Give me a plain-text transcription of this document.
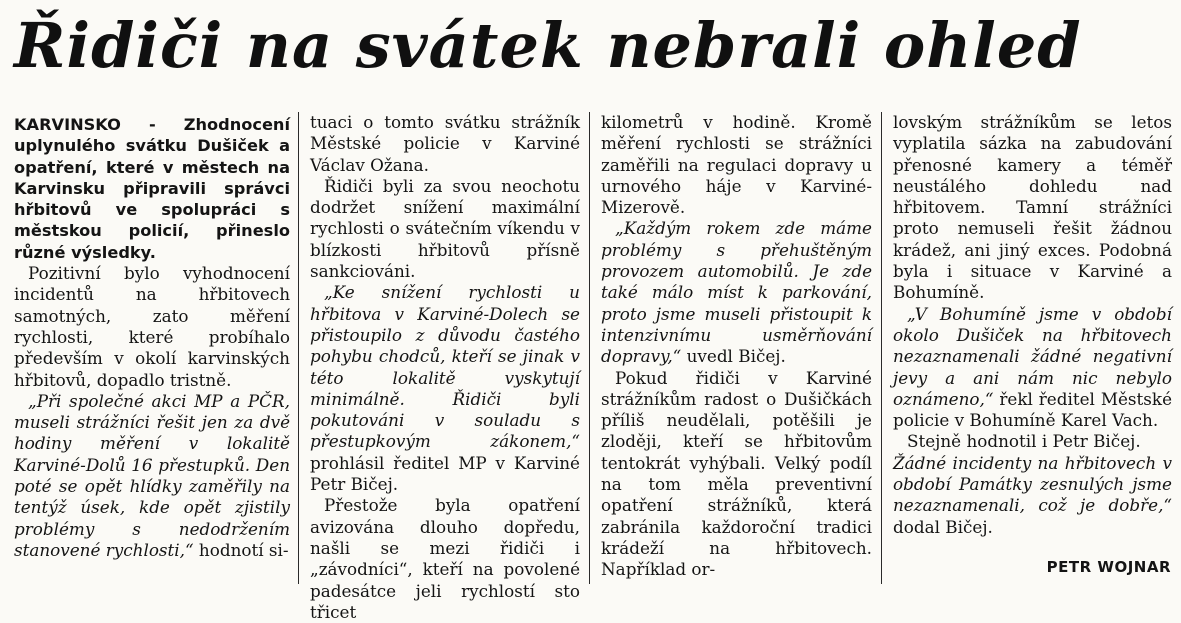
Řidiči na svátek nebrali ohled

KARVINSKO - Zhodnocení uplynulého svátku Dušiček a opatření, které v městech na Karvinsku připravili správci hřbitovů ve spolupráci s městskou policií, přineslo různé výsledky.

Pozitivní bylo vyhodnocení incidentů na hřbitovech samotných, zato měření rychlosti, které probíhalo především v okolí karvinských hřbitovů, dopadlo tristně.

„Při společné akci MP a PČR, museli strážníci řešit jen za dvě hodiny měření v lokalitě Karviné-Dolů 16 přestupků. Den poté se opět hlídky zaměřily na tentýž úsek, kde opět zjistily problémy s nedodržením stanovené rychlosti,“ hodnotí si-

tuaci o tomto svátku strážník Městské policie v Karviné Václav Ožana.

Řidiči byli za svou neochotu dodržet snížení maximální rychlosti o svátečním víkendu v blízkosti hřbitovů přísně sankciováni.

„Ke snížení rychlosti u hřbitova v Karviné-Dolech se přistoupilo z důvodu častého pohybu chodců, kteří se jinak v této lokalitě vyskytují minimálně. Řidiči byli pokutováni v souladu s přestupkovým zákonem,“ prohlásil ředitel MP v Karviné Petr Bičej.

Přestože byla opatření avizována dlouho dopředu, našli se mezi řidiči i „závodníci“, kteří na povolené padesátce jeli rychlostí sto třicet

kilometrů v hodině. Kromě měření rychlosti se strážníci zaměřili na regulaci dopravy u urnového háje v Karviné-Mizerově.

„Každým rokem zde máme problémy s přehuštěným provozem automobilů. Je zde také málo míst k parkování, proto jsme museli přistoupit k intenzivnímu usměrňování dopravy,“ uvedl Bičej.

Pokud řidiči v Karviné strážníkům radost o Dušičkách příliš neudělali, potěšili je zloději, kteří se hřbitovům tentokrát vyhýbali. Velký podíl na tom měla preventivní opatření strážníků, která zabránila každoroční tradici krádeží na hřbitovech. Například or-

lovským strážníkům se letos vyplatila sázka na zabudování přenosné kamery a téměř neustálého dohledu nad hřbitovem. Tamní strážníci proto nemuseli řešit žádnou krádež, ani jiný exces. Podobná byla i situace v Karviné a Bohumíně.

„V Bohumíně jsme v období okolo Dušiček na hřbitovech nezaznamenali žádné negativní jevy a ani nám nic nebylo oznámeno,“ řekl ředitel Městské policie v Bohumíně Karel Vach.

Stejně hodnotil i Petr Bičej.

Žádné incidenty na hřbitovech v období Památky zesnulých jsme nezaznamenali, což je dobře,“ dodal Bičej.

PETR WOJNAR
